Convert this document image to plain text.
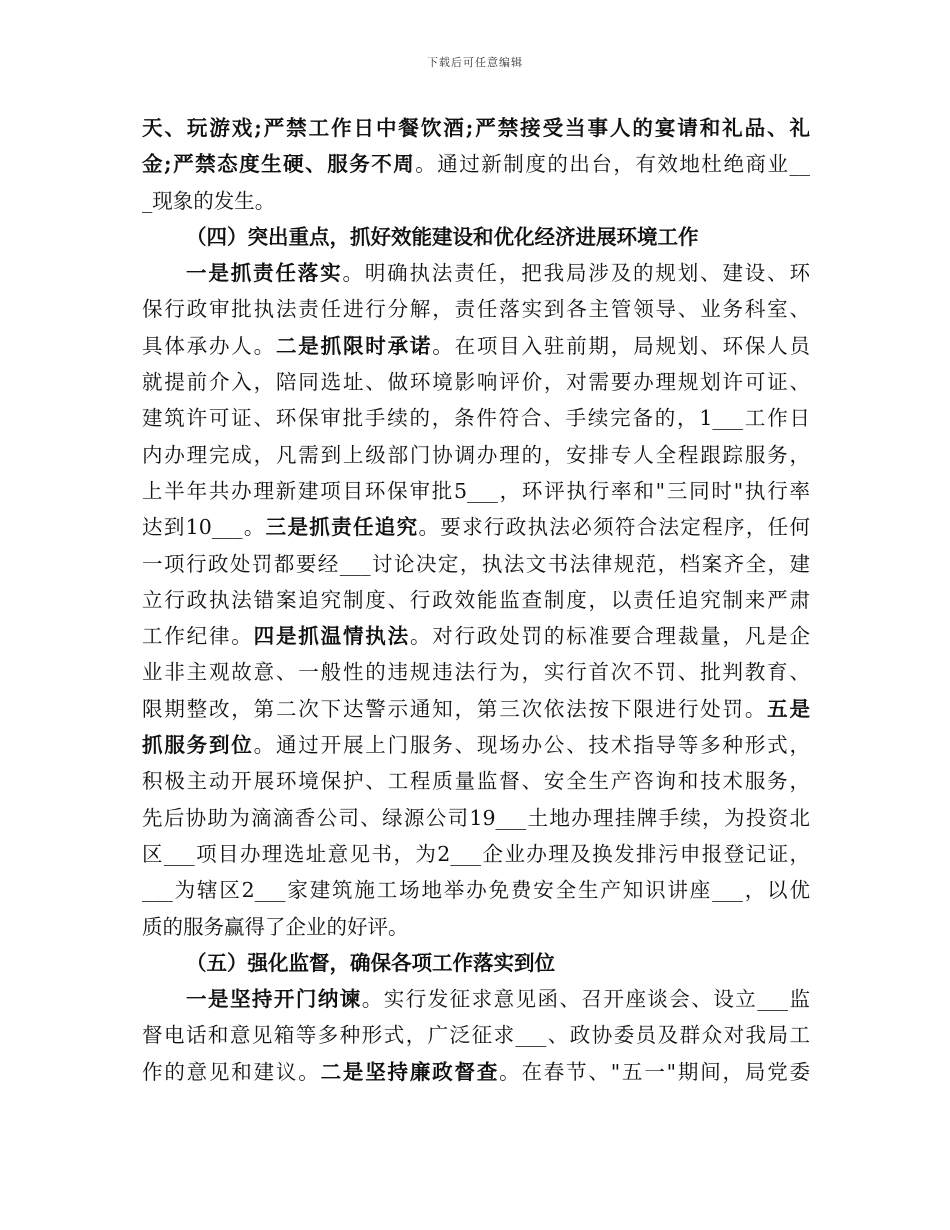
下载后可任意编辑
天、玩游戏;严禁工作日中餐饮酒;严禁接受当事人的宴请和礼品、礼
金;严禁态度生硬、服务不周。通过新制度的出台，有效地杜绝商业__
_现象的发生。
（四）突出重点，抓好效能建设和优化经济进展环境工作
一是抓责任落实。明确执法责任，把我局涉及的规划、建设、环
保行政审批执法责任进行分解，责任落实到各主管领导、业务科室、
具体承办人。二是抓限时承诺。在项目入驻前期，局规划、环保人员
就提前介入，陪同选址、做环境影响评价，对需要办理规划许可证、
建筑许可证、环保审批手续的，条件符合、手续完备的，1___工作日
内办理完成，凡需到上级部门协调办理的，安排专人全程跟踪服务，
上半年共办理新建项目环保审批5___，环评执行率和"三同时"执行率
达到10___。三是抓责任追究。要求行政执法必须符合法定程序，任何
一项行政处罚都要经___讨论决定，执法文书法律规范，档案齐全，建
立行政执法错案追究制度、行政效能监查制度，以责任追究制来严肃
工作纪律。四是抓温情执法。对行政处罚的标准要合理裁量，凡是企
业非主观故意、一般性的违规违法行为，实行首次不罚、批判教育、
限期整改，第二次下达警示通知，第三次依法按下限进行处罚。五是
抓服务到位。通过开展上门服务、现场办公、技术指导等多种形式，
积极主动开展环境保护、工程质量监督、安全生产咨询和技术服务，
先后协助为滴滴香公司、绿源公司19___土地办理挂牌手续，为投资北
区___项目办理选址意见书，为2___企业办理及换发排污申报登记证，
___为辖区2___家建筑施工场地举办免费安全生产知识讲座___，以优
质的服务赢得了企业的好评。
（五）强化监督，确保各项工作落实到位
一是坚持开门纳谏。实行发征求意见函、召开座谈会、设立___监
督电话和意见箱等多种形式，广泛征求___、政协委员及群众对我局工
作的意见和建议。二是坚持廉政督查。在春节、"五一"期间，局党委
